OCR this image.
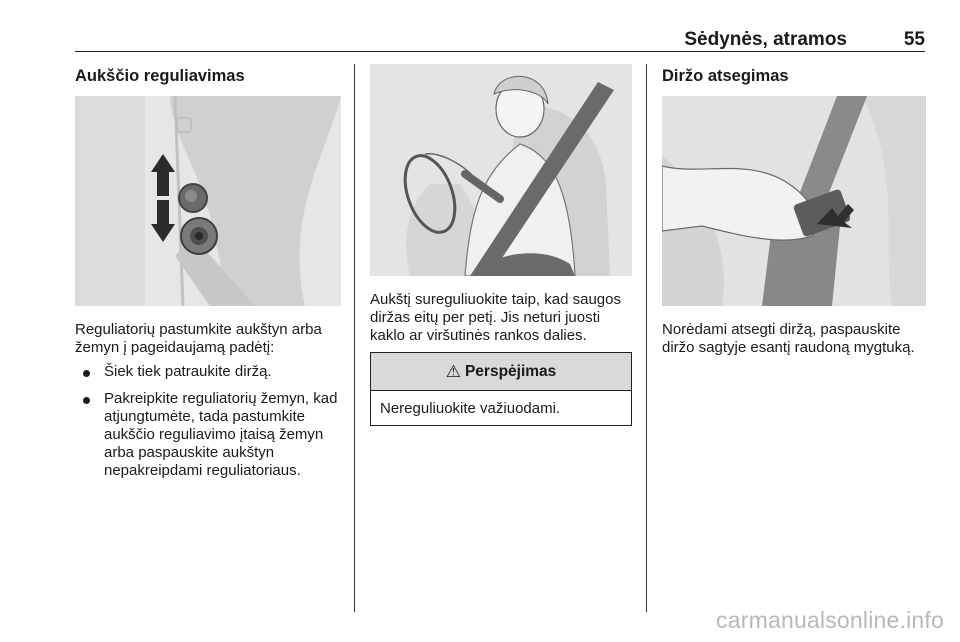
Sėdynės, atramos	55
Aukščio reguliavimas
Reguliatorių pastumkite aukštyn arba žemyn į pageidaujamą padėtį:
Šiek tiek patraukite diržą.
Pakreipkite reguliatorių žemyn, kad atjungtumėte, tada pastumkite aukščio reguliavimo įtaisą žemyn arba paspauskite aukštyn nepakreipdami reguliatoriaus.
Aukštį sureguliuokite taip, kad saugos diržas eitų per petį. Jis neturi juosti kaklo ar viršutinės rankos dalies.
⚠ Perspėjimas
Nereguliuokite važiuodami.
Diržo atsegimas
Norėdami atsegti diržą, paspauskite diržo sagtyje esantį raudoną mygtuką.
carmanualsonline.info
